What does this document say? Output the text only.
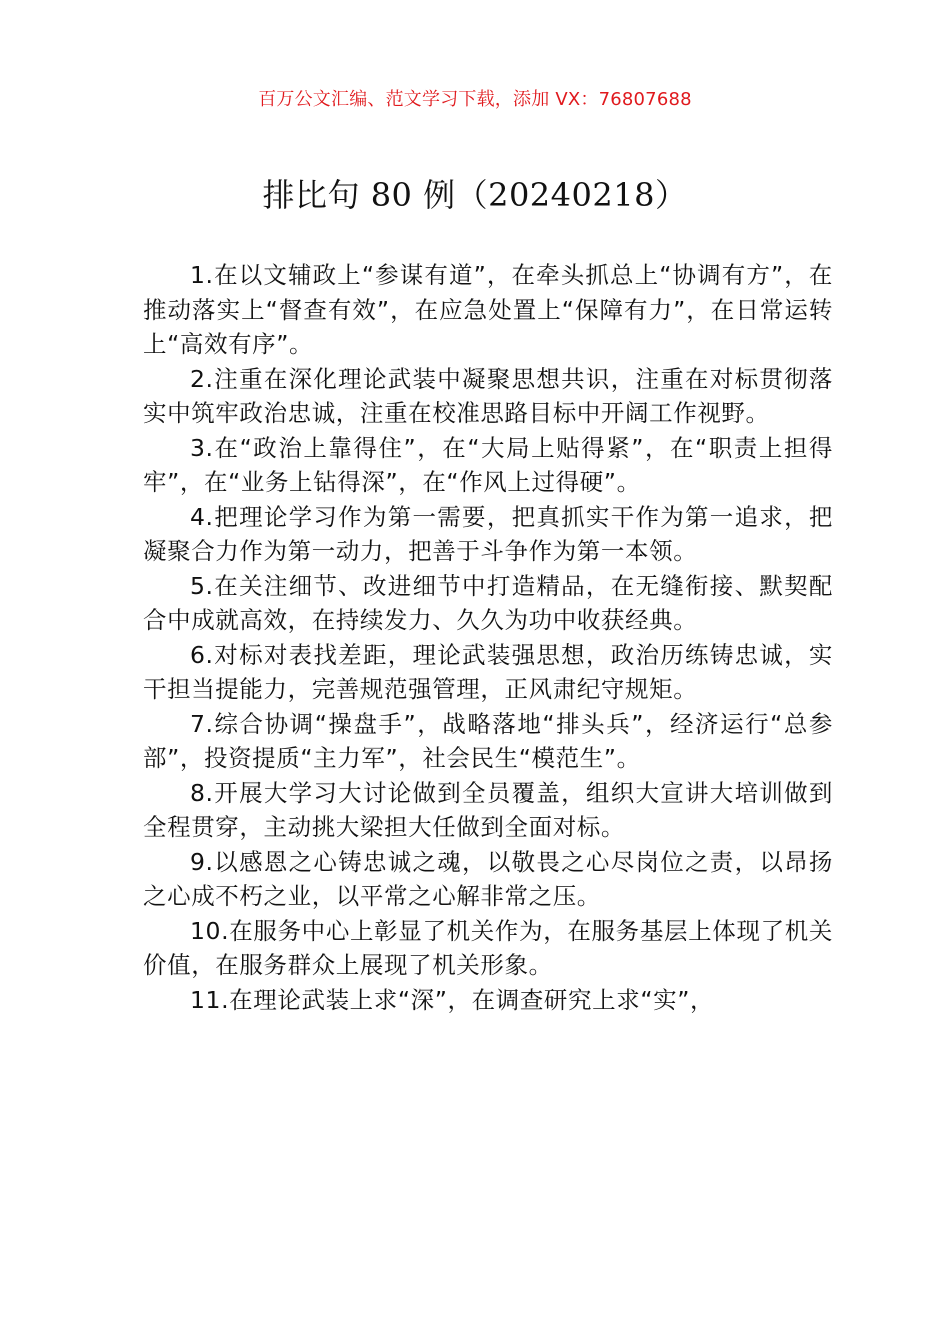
百万公文汇编、范文学习下载，添加 VX：76807688
排比句 80 例（20240218）

1.在以文辅政上“参谋有道”，在牵头抓总上“协调有方”，在推动落实上“督查有效”，在应急处置上“保障有力”，在日常运转上“高效有序”。

2.注重在深化理论武装中凝聚思想共识，注重在对标贯彻落实中筑牢政治忠诚，注重在校准思路目标中开阔工作视野。

3.在“政治上靠得住”，在“大局上贴得紧”，在“职责上担得牢”，在“业务上钻得深”，在“作风上过得硬”。

4.把理论学习作为第一需要，把真抓实干作为第一追求，把凝聚合力作为第一动力，把善于斗争作为第一本领。

5.在关注细节、改进细节中打造精品，在无缝衔接、默契配合中成就高效，在持续发力、久久为功中收获经典。

6.对标对表找差距，理论武装强思想，政治历练铸忠诚，实干担当提能力，完善规范强管理，正风肃纪守规矩。

7.综合协调“操盘手”，战略落地“排头兵”，经济运行“总参部”，投资提质“主力军”，社会民生“模范生”。

8.开展大学习大讨论做到全员覆盖，组织大宣讲大培训做到全程贯穿，主动挑大梁担大任做到全面对标。

9.以感恩之心铸忠诚之魂，以敬畏之心尽岗位之责，以昂扬之心成不朽之业，以平常之心解非常之压。

10.在服务中心上彰显了机关作为，在服务基层上体现了机关价值，在服务群众上展现了机关形象。

11.在理论武装上求“深”，在调查研究上求“实”，
